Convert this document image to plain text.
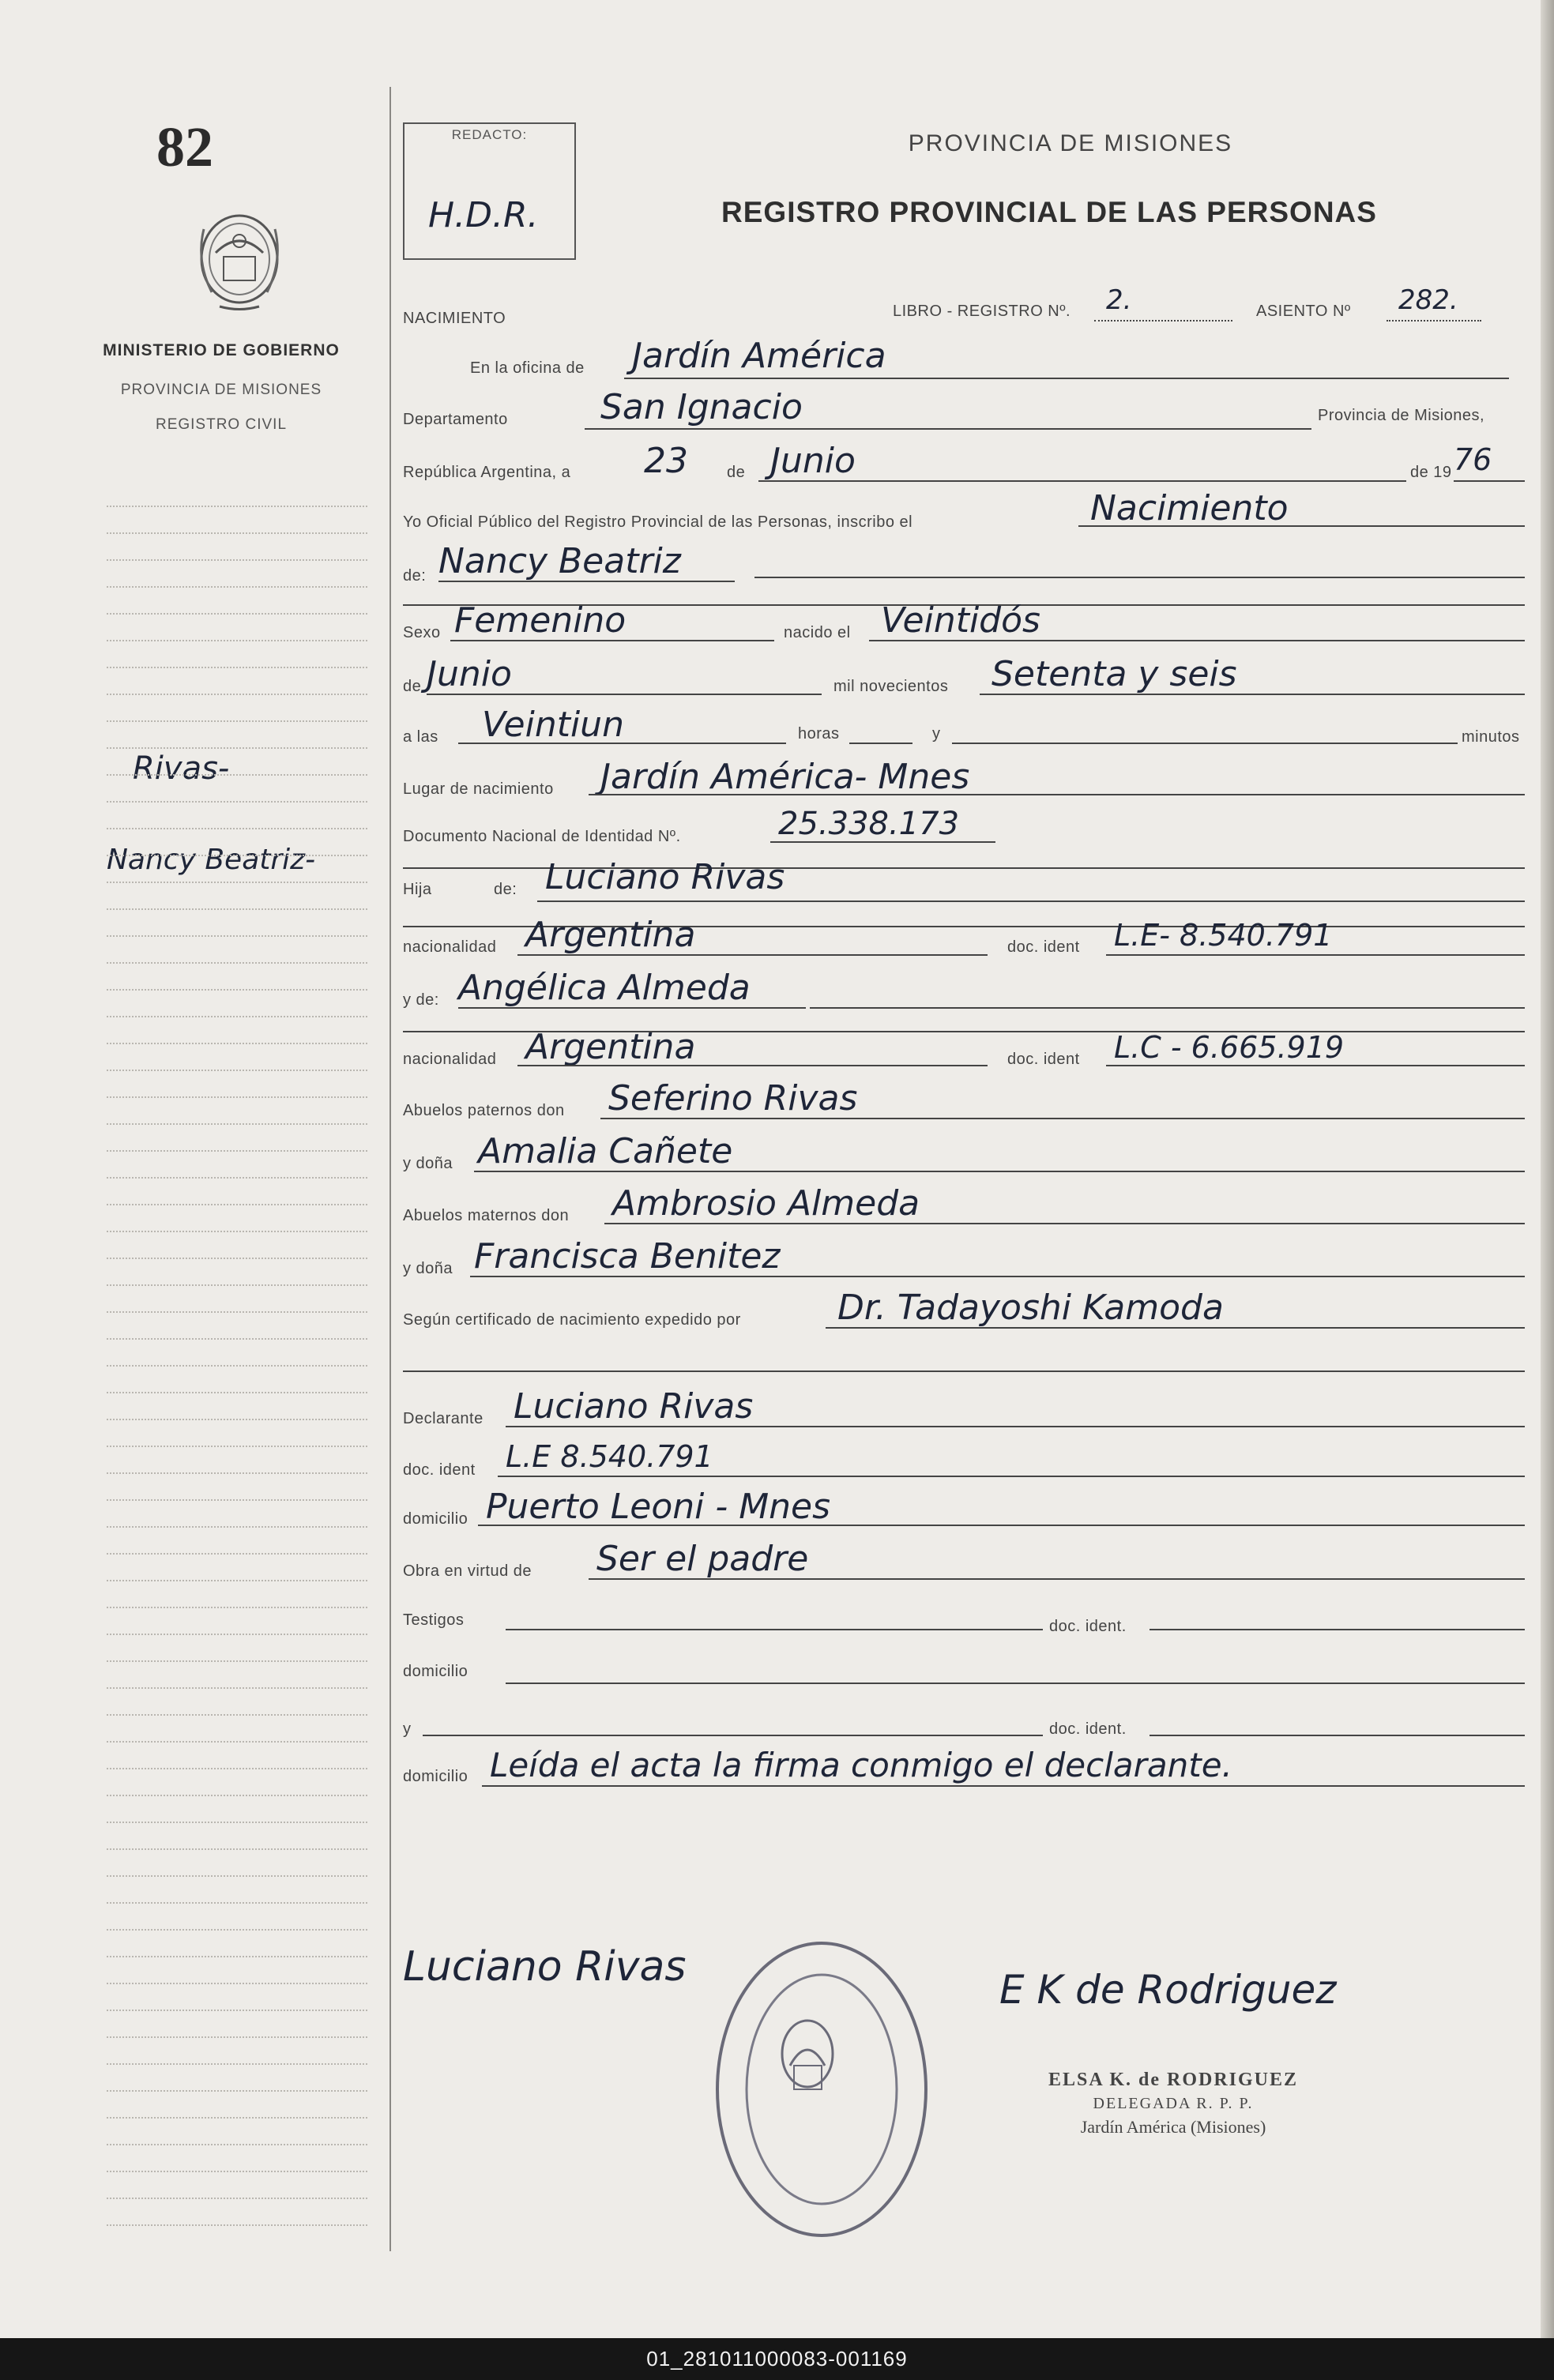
82
MINISTERIO DE GOBIERNO
PROVINCIA DE MISIONES
REGISTRO CIVIL
Rivas-
Nancy Beatriz-
REDACTO:
H.D.R.
PROVINCIA DE MISIONES
REGISTRO PROVINCIAL DE LAS PERSONAS
NACIMIENTO	LIBRO - REGISTRO Nº. 2.	ASIENTO Nº 282.
En la oficina de Jardín América
Departamento	San Ignacio	Provincia de Misiones,
República Argentina, a 23 de Junio	de 19 76
Yo Oficial Público del Registro Provincial de las Personas, inscribo el	Nacimiento
de: Nancy Beatriz
Sexo Femenino	nacido el Veintidós
de Junio	mil novecientos Setenta y seis
a las Veintiun	horas	y	minutos
Lugar de nacimiento Jardín América- Mnes
Documento Nacional de Identidad Nº.	25.338.173
Hija	de: Luciano Rivas
nacionalidad Argentina	doc. ident L.E- 8.540.791
y de: Angélica Almeda
nacionalidad Argentina	doc. ident L.C - 6.665.919
Abuelos paternos don Seferino Rivas
y doña Amalia Cañete
Abuelos maternos don Ambrosio Almeda
y doña Francisca Benitez
Según certificado de nacimiento expedido por	Dr. Tadayoshi Kamoda
Declarante Luciano Rivas
doc. ident L.E 8.540.791
domicilio Puerto Leoni - Mnes
Obra en virtud de Ser el padre
Testigos	doc. ident.
domicilio
y	doc. ident.
domicilio Leída el acta la firma conmigo el declarante.
Luciano Rivas	E K de Rodriguez
ELSA K. de RODRIGUEZ
DELEGADA R. P. P.
Jardín América (Misiones)
01_281011000083-001169
